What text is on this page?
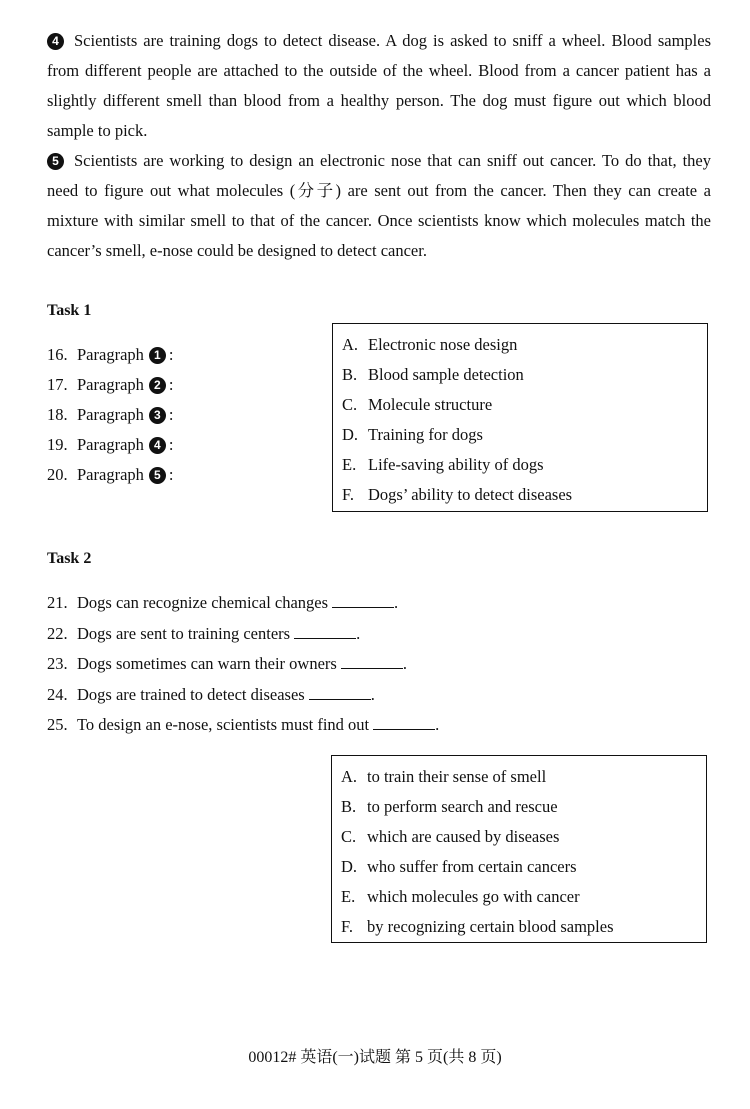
4 Scientists are training dogs to detect disease. A dog is asked to sniff a wheel. Blood samples from different people are attached to the outside of the wheel. Blood from a cancer patient has a slightly different smell than blood from a healthy person. The dog must figure out which blood sample to pick.

5 Scientists are working to design an electronic nose that can sniff out cancer. To do that, they need to figure out what molecules (分子) are sent out from the cancer. Then they can create a mixture with similar smell to that of the cancer. Once scientists know which molecules match the cancer’s smell, e-nose could be designed to detect cancer.

Task 1
16. Paragraph 1 :
17. Paragraph 2 :
18. Paragraph 3 :
19. Paragraph 4 :
20. Paragraph 5 :
A. Electronic nose design
B. Blood sample detection
C. Molecule structure
D. Training for dogs
E. Life-saving ability of dogs
F. Dogs’ ability to detect diseases
Task 2
21. Dogs can recognize chemical changes	.
22. Dogs are sent to training centers	.
23. Dogs sometimes can warn their owners	.
24. Dogs are trained to detect diseases	.
25. To design an e-nose, scientists must find out	.
A. to train their sense of smell
B. to perform search and rescue
C. which are caused by diseases
D. who suffer from certain cancers
E. which molecules go with cancer
F. by recognizing certain blood samples

00012# 英语(一)试题 第 5 页(共 8 页)
